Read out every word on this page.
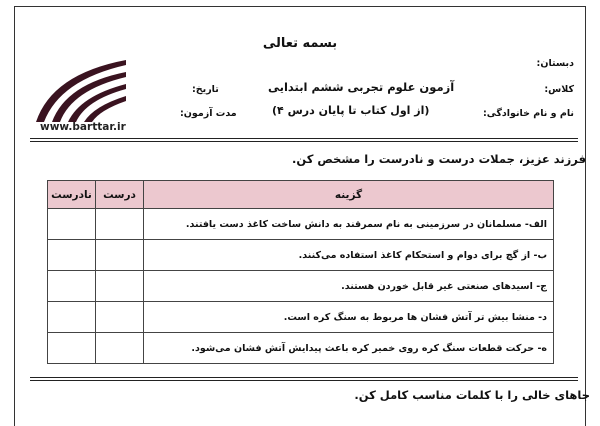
بسمه تعالی
دبستان:
کلاس:
نام و نام خانوادگی:
آزمون علوم تجربی ششم ابتدایی
(از اول کتاب تا پایان درس ۴)
تاریخ:
مدت آزمون:
www.barttar.ir
فرزند عزیز، جملات درست و نادرست را مشخص کن.
نادرست	درست	گزینه
		الف- مسلمانان در سرزمینی به نام سمرقند به دانش ساخت کاغذ دست یافتند.
		ب- از گچ برای دوام و استحکام کاغذ استفاده می‌کنند.
		ج- اسیدهای صنعتی غیر قابل خوردن هستند.
		د- منشا بیش تر آتش فشان ها مربوط به سنگ کره است.
		ه- حرکت قطعات سنگ کره روی خمیر کره باعث پیدایش آتش فشان می‌شود.
جاهای خالی را با کلمات مناسب کامل کن.
